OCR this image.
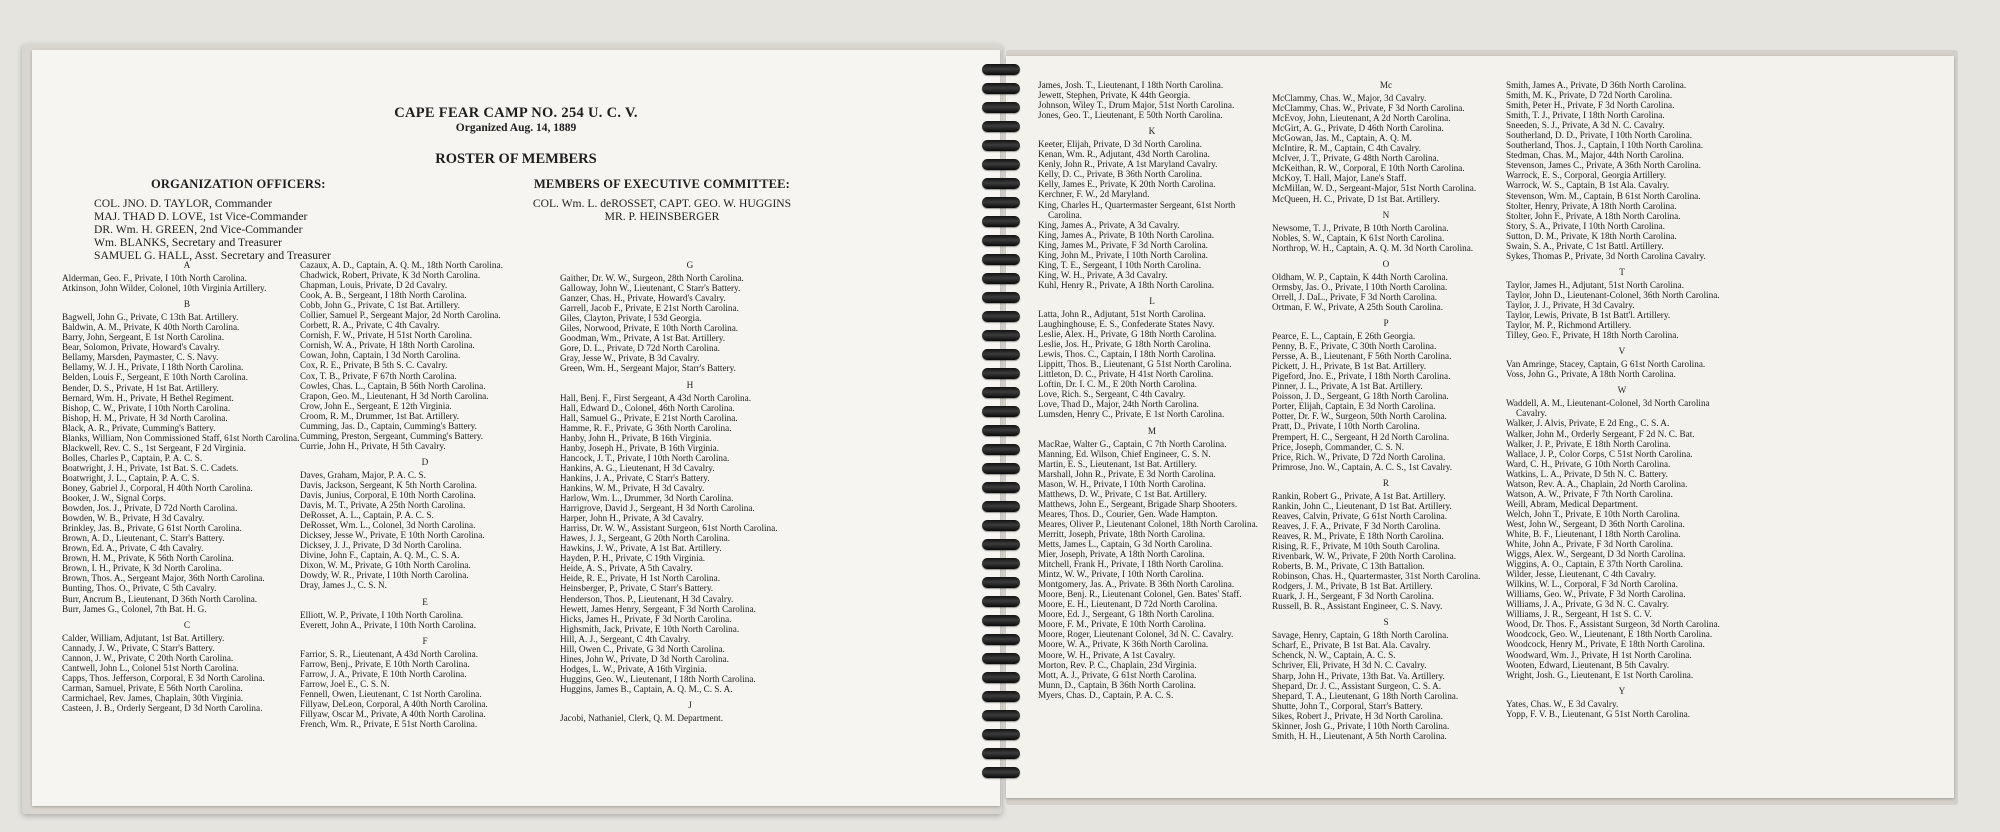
CAPE FEAR CAMP NO. 254 U. C. V.
Organized Aug. 14, 1889
ROSTER OF MEMBERS
ORGANIZATION OFFICERS:
COL. JNO. D. TAYLOR, Commander
MAJ. THAD D. LOVE, 1st Vice-Commander
DR. Wm. H. GREEN, 2nd Vice-Commander
Wm. BLANKS, Secretary and Treasurer
SAMUEL G. HALL, Asst. Secretary and Treasurer
MEMBERS OF EXECUTIVE COMMITTEE:
COL. Wm. L. deROSSET, CAPT. GEO. W. HUGGINS
MR. P. HEINSBERGER
A
Alderman, Geo. F., Private, I 10th North Carolina.
Atkinson, John Wilder, Colonel, 10th Virginia Artillery.
B
Bagwell, John G., Private, C 13th Bat. Artillery.
Baldwin, A. M., Private, K 40th North Carolina.
Barry, John, Sergeant, E 1st North Carolina.
Bear, Solomon, Private, Howard's Cavalry.
Bellamy, Marsden, Paymaster, C. S. Navy.
Bellamy, W. J. H., Private, I 18th North Carolina.
Belden, Louis F., Sergeant, E 10th North Carolina.
Bender, D. S., Private, H 1st Bat. Artillery.
Bernard, Wm. H., Private, H Bethel Regiment.
Bishop, C. W., Private, I 10th North Carolina.
Bishop, H. M., Private, H 3d North Carolina.
Black, A. R., Private, Cumming's Battery.
Blanks, William, Non Commissioned Staff, 61st North Carolina.
Blackwell, Rev. C. S., 1st Sergeant, F 2d Virginia.
Bolles, Charles P., Captain, P. A. C. S.
Boatwright, J. H., Private, 1st Bat. S. C. Cadets.
Boatwright, J. L., Captain, P. A. C. S.
Boney, Gabriel J., Corporal, H 40th North Carolina.
Booker, J. W., Signal Corps.
Bowden, Jos. J., Private, D 72d North Carolina.
Bowden, W. B., Private, H 3d Cavalry.
Brinkley, Jas. B., Private, G 61st North Carolina.
Brown, A. D., Lieutenant, C. Starr's Battery.
Brown, Ed. A., Private, C 4th Cavalry.
Brown, H. M., Private, K 56th North Carolina.
Brown, I. H., Private, K 3d North Carolina.
Brown, Thos. A., Sergeant Major, 36th North Carolina.
Bunting, Thos. O., Private, C 5th Cavalry.
Burr, Ancrum B., Lieutenant, D 36th North Carolina.
Burr, James G., Colonel, 7th Bat. H. G.
C
Calder, William, Adjutant, 1st Bat. Artillery.
Cannady, J. W., Private, C Starr's Battery.
Cannon, J. W., Private, C 20th North Carolina.
Cantwell, John L., Colonel 51st North Carolina.
Capps, Thos. Jefferson, Corporal, E 3d North Carolina.
Carman, Samuel, Private, E 56th North Carolina.
Carmichael, Rev. James, Chaplain, 30th Virginia.
Casteen, J. B., Orderly Sergeant, D 3d North Carolina.
Cazaux, A. D., Captain, A. Q. M., 18th North Carolina.
Chadwick, Robert, Private, K 3d North Carolina.
Chapman, Louis, Private, D 2d Cavalry.
Cook, A. B., Sergeant, I 18th North Carolina.
Cobb, John G., Private, C 1st Bat. Artillery.
Collier, Samuel P., Sergeant Major, 2d North Carolina.
Corbett, R. A., Private, C 4th Cavalry.
Cornish, F. W., Private, H 51st North Carolina.
Cornish, W. A., Private, H 18th North Carolina.
Cowan, John, Captain, I 3d North Carolina.
Cox, R. E., Private, B 5th S. C. Cavalry.
Cox, T. B., Private, F 67th North Carolina.
Cowles, Chas. L., Captain, B 56th North Carolina.
Crapon, Geo. M., Lieutenant, H 3d North Carolina.
Crow, John E., Sergeant, E 12th Virginia.
Croom, R. M., Drummer, 1st Bat. Artillery.
Cumming, Jas. D., Captain, Cumming's Battery.
Cumming, Preston, Sergeant, Cumming's Battery.
Currie, John H., Private, H 5th Cavalry.
D
Daves, Graham, Major, P. A. C. S.
Davis, Jackson, Sergeant, K 5th North Carolina.
Davis, Junius, Corporal, E 10th North Carolina.
Davis, M. T., Private, A 25th North Carolina.
DeRosset, A. L., Captain, P. A. C. S.
DeRosset, Wm. L., Colonel, 3d North Carolina.
Dicksey, Jesse W., Private, E 10th North Carolina.
Dicksey, J. J., Private, D 3d North Carolina.
Divine, John F., Captain, A. Q. M., C. S. A.
Dixon, W. M., Private, G 10th North Carolina.
Dowdy, W. R., Private, I 10th North Carolina.
Dray, James J., C. S. N.
E
Elliott, W. P., Private, I 10th North Carolina.
Everett, John A., Private, I 10th North Carolina.
F
Farrior, S. R., Lieutenant, A 43d North Carolina.
Farrow, Benj., Private, E 10th North Carolina.
Farrow, J. A., Private, E 10th North Carolina.
Farrow, Joel E., C. S. N.
Fennell, Owen, Lieutenant, C 1st North Carolina.
Fillyaw, DeLeon, Corporal, A 40th North Carolina.
Fillyaw, Oscar M., Private, A 40th North Carolina.
French, Wm. R., Private, E 51st North Carolina.
G
Gaither, Dr. W. W., Surgeon, 28th North Carolina.
Galloway, John W., Lieutenant, C Starr's Battery.
Ganzer, Chas. H., Private, Howard's Cavalry.
Garrell, Jacob F., Private, E 21st North Carolina.
Giles, Clayton, Private, I 53d Georgia.
Giles, Norwood, Private, E 10th North Carolina.
Goodman, Wm., Private, A 1st Bat. Artillery.
Gore, D. L., Private, D 72d North Carolina.
Gray, Jesse W., Private, B 3d Cavalry.
Green, Wm. H., Sergeant Major, Starr's Battery.
H
Hall, Benj. F., First Sergeant, A 43d North Carolina.
Hall, Edward D., Colonel, 46th North Carolina.
Hall, Samuel G., Private, E 21st North Carolina.
Hamme, R. F., Private, G 36th North Carolina.
Hanby, John H., Private, B 16th Virginia.
Hanby, Joseph H., Private, B 16th Virginia.
Hancock, J. T., Private, I 10th North Carolina.
Hankins, A. G., Lieutenant, H 3d Cavalry.
Hankins, J. A., Private, C Starr's Battery.
Hankins, W. M., Private, H 3d Cavalry.
Harlow, Wm. L., Drummer, 3d North Carolina.
Harrigrove, David J., Sergeant, H 3d North Carolina.
Harper, John H., Private, A 3d Cavalry.
Harriss, Dr. W. W., Assistant Surgeon, 61st North Carolina.
Hawes, J. J., Sergeant, G 20th North Carolina.
Hawkins, J. W., Private, A 1st Bat. Artillery.
Hayden, P. H., Private, C 19th Virginia.
Heide, A. S., Private, A 5th Cavalry.
Heide, R. E., Private, H 1st North Carolina.
Heinsberger, P., Private, C Starr's Battery.
Henderson, Thos. P., Lieutenant, H 3d Cavalry.
Hewett, James Henry, Sergeant, F 3d North Carolina.
Hicks, James H., Private, F 3d North Carolina.
Highsmith, Jack, Private, E 10th North Carolina.
Hill, A. J., Sergeant, C 4th Cavalry.
Hill, Owen C., Private, G 3d North Carolina.
Hines, John W., Private, D 3d North Carolina.
Hodges, L. W., Private, A 16th Virginia.
Huggins, Geo. W., Lieutenant, I 18th North Carolina.
Huggins, James B., Captain, A. Q. M., C. S. A.
J
Jacobi, Nathaniel, Clerk, Q. M. Department.
James, Josh. T., Lieutenant, I 18th North Carolina.
Jewett, Stephen, Private, K 44th Georgia.
Johnson, Wiley T., Drum Major, 51st North Carolina.
Jones, Geo. T., Lieutenant, E 50th North Carolina.
K
Keeter, Elijah, Private, D 3d North Carolina.
Kenan, Wm. R., Adjutant, 43d North Carolina.
Kenly, John R., Private, A 1st Maryland Cavalry.
Kelly, D. C., Private, B 36th North Carolina.
Kelly, James E., Private, K 20th North Carolina.
Kerchner, F. W., 2d Maryland.
King, Charles H., Quartermaster Sergeant, 61st North Carolina.
King, James A., Private, A 3d Cavalry.
King, James A., Private, B 10th North Carolina.
King, James M., Private, F 3d North Carolina.
King, John M., Private, I 10th North Carolina.
King, T. E., Sergeant, I 10th North Carolina.
King, W. H., Private, A 3d Cavalry.
Kuhl, Henry R., Private, A 18th North Carolina.
L
Latta, John R., Adjutant, 51st North Carolina.
Laughinghouse, E. S., Confederate States Navy.
Leslie, Alex. H., Private, G 18th North Carolina.
Leslie, Jos. H., Private, G 18th North Carolina.
Lewis, Thos. C., Captain, I 18th North Carolina.
Lippitt, Thos. B., Lieutenant, G 51st North Carolina.
Littleton, D. C., Private, H 41st North Carolina.
Loftin, Dr. I. C. M., E 20th North Carolina.
Love, Rich. S., Sergeant, C 4th Cavalry.
Love, Thad D., Major, 24th North Carolina.
Lumsden, Henry C., Private, E 1st North Carolina.
M
MacRae, Walter G., Captain, C 7th North Carolina.
Manning, Ed. Wilson, Chief Engineer, C. S. N.
Martin, E. S., Lieutenant, 1st Bat. Artillery.
Marshall, John R., Private, E 3d North Carolina.
Mason, W. H., Private, I 10th North Carolina.
Matthews, D. W., Private, C 1st Bat. Artillery.
Matthews, John E., Sergeant, Brigade Sharp Shooters.
Meares, Thos. D., Courier, Gen. Wade Hampton.
Meares, Oliver P., Lieutenant Colonel, 18th North Carolina.
Merritt, Joseph, Private, 18th North Carolina.
Metts, James L., Captain, G 3d North Carolina.
Mier, Joseph, Private, A 18th North Carolina.
Mitchell, Frank H., Private, I 18th North Carolina.
Mintz, W. W., Private, I 10th North Carolina.
Montgomery, Jas. A., Private. B 36th North Carolina.
Moore, Benj. R., Lieutenant Colonel, Gen. Bates' Staff.
Moore, E. H., Lieutenant, D 72d North Carolina.
Moore, Ed. J., Sergeant, G 18th North Carolina.
Moore, F. M., Private, E 10th North Carolina.
Moore, Roger, Lieutenant Colonel, 3d N. C. Cavalry.
Moore, W. A., Private, K 36th North Carolina.
Moore, W. H., Private, A 1st Cavalry.
Morton, Rev. P. C., Chaplain, 23d Virginia.
Mott, A. J., Private, G 61st North Carolina.
Munn, D., Captain, B 36th North Carolina.
Myers, Chas. D., Captain, P. A. C. S.
Mc
McClammy, Chas. W., Major, 3d Cavalry.
McClammy, Chas. W., Private, F 3d North Carolina.
McEvoy, John, Lieutenant, A 2d North Carolina.
McGirt, A. G., Private, D 46th North Carolina.
McGowan, Jas. M., Captain, A. Q. M.
McIntire, R. M., Captain, C 4th Cavalry.
McIver, J. T., Private, G 48th North Carolina.
McKeithan, R. W., Corporal, E 10th North Carolina.
McKoy, T. Hall, Major, Lane's Staff.
McMillan, W. D., Sergeant-Major, 51st North Carolina.
McQueen, H. C., Private, D 1st Bat. Artillery.
N
Newsome, T. J., Private, B 10th North Carolina.
Nobles, S. W., Captain, K 61st North Carolina.
Northrop, W. H., Captain, A. Q. M. 3d North Carolina.
O
Oldham, W. P., Captain, K 44th North Carolina.
Ormsby, Jas. O., Private, I 10th North Carolina.
Orrell, J. DaL., Private, F 3d North Carolina.
Ortman, F. W., Private, A 25th South Carolina.
P
Pearce, E. L., Captain, E 26th Georgia.
Penny, B. F., Private, C 30th North Carolina.
Persse, A. B., Lieutenant, F 56th North Carolina.
Pickett, J. H., Private, B 1st Bat. Artillery.
Pigeford, Jno. E., Private, I 18th North Carolina.
Pinner, J. L., Private, A 1st Bat. Artillery.
Poisson, J. D., Sergeant, G 18th North Carolina.
Porter, Elijah, Captain, E 3d North Carolina.
Potter, Dr. F. W., Surgeon, 50th North Carolina.
Pratt, D., Private, I 10th North Carolina.
Prempert, H. C., Sergeant, H 2d North Carolina.
Price, Joseph, Commander, C. S. N.
Price, Rich. W., Private, D 72d North Carolina.
Primrose, Jno. W., Captain, A. C. S., 1st Cavalry.
R
Rankin, Robert G., Private, A 1st Bat. Artillery.
Rankin, John C., Lieutenant, D 1st Bat. Artillery.
Reaves, Calvin, Private, G 61st North Carolina.
Reaves, J. F. A., Private, F 3d North Carolina.
Reaves, R. M., Private, E 18th North Carolina.
Rising, R. F., Private, M 10th South Carolina.
Rivenbark, W. W., Private, F 20th North Carolina.
Roberts, B. M., Private, C 13th Battalion.
Robinson, Chas. H., Quartermaster, 31st North Carolina.
Rodgers, J. M., Private, B 1st Bat. Artillery.
Ruark, J. H., Sergeant, F 3d North Carolina.
Russell, B. R., Assistant Engineer, C. S. Navy.
S
Savage, Henry, Captain, G 18th North Carolina.
Scharf, E., Private, B 1st Bat. Ala. Cavalry.
Schenck, N. W., Captain, A. C. S.
Schriver, Eli, Private, H 3d N. C. Cavalry.
Sharp, John H., Private, 13th Bat. Va. Artillery.
Shepard, Dr. J. C., Assistant Surgeon, C. S. A.
Shepard, T. A., Lieutenant, G 18th North Carolina.
Shutte, John T., Corporal, Starr's Battery.
Sikes, Robert J., Private, H 3d North Carolina.
Skinner, Josh G., Private, I 10th North Carolina.
Smith, H. H., Lieutenant, A 5th North Carolina.
Smith, James A., Private, D 36th North Carolina.
Smith, M. K., Private, D 72d North Carolina.
Smith, Peter H., Private, F 3d North Carolina.
Smith, T. J., Private, I 18th North Carolina.
Sneeden, S. J., Private, A 3d N. C. Cavalry.
Southerland, D. D., Private, I 10th North Carolina.
Southerland, Thos. J., Captain, I 10th North Carolina.
Stedman, Chas. M., Major, 44th North Carolina.
Stevenson, James C., Private, A 36th North Carolina.
Warrock, E. S., Corporal, Georgia Artillery.
Warrock, W. S., Captain, B 1st Ala. Cavalry.
Stevenson, Wm. M., Captain, B 61st North Carolina.
Stolter, Henry, Private, A 18th North Carolina.
Stolter, John F., Private, A 18th North Carolina.
Story, S. A., Private, I 10th North Carolina.
Sutton, D. M., Private, K 18th North Carolina.
Swain, S. A., Private, C 1st Battl. Artillery.
Sykes, Thomas P., Private, 3d North Carolina Cavalry.
T
Taylor, James H., Adjutant, 51st North Carolina.
Taylor, John D., Lieutenant-Colonel, 36th North Carolina.
Taylor, J. J., Private, H 3d Cavalry.
Taylor, Lewis, Private, B 1st Batt'l. Artillery.
Taylor, M. P., Richmond Artillery.
Tilley, Geo. F., Private, H 18th North Carolina.
V
Van Amringe, Stacey, Captain, G 61st North Carolina.
Voss, John G., Private, A 18th North Carolina.
W
Waddell, A. M., Lieutenant-Colonel, 3d North Carolina Cavalry.
Walker, J. Alvis, Private, E 2d Eng., C. S. A.
Walker, John M., Orderly Sergeant, F 2d N. C. Bat.
Walker, J. P., Private, E 18th North Carolina.
Wallace, J. P., Color Corps, C 51st North Carolina.
Ward, C. H., Private, G 10th North Carolina.
Watkins, L. A., Private, D 5th N. C. Battery.
Watson, Rev. A. A., Chaplain, 2d North Carolina.
Watson, A. W., Private, F 7th North Carolina.
Weill, Abram, Medical Department.
Welch, John T., Private, E 10th North Carolina.
West, John W., Sergeant, D 36th North Carolina.
White, B. F., Lieutenant, I 18th North Carolina.
White, John A., Private, F 3d North Carolina.
Wiggs, Alex. W., Sergeant, D 3d North Carolina.
Wiggins, A. O., Captain, E 37th North Carolina.
Wilder, Jesse, Lieutenant, C 4th Cavalry.
Wilkins, W. L., Corporal, F 3d North Carolina.
Williams, Geo. W., Private, F 3d North Carolina.
Williams, J. A., Private, G 3d N. C. Cavalry.
Williams, J. R., Sergeant, H 1st S. C. V.
Wood, Dr. Thos. F., Assistant Surgeon, 3d North Carolina.
Woodcock, Geo. W., Lieutenant, E 18th North Carolina.
Woodcock, Henry M., Private, E 18th North Carolina.
Woodward, Wm. J., Private, H 1st North Carolina.
Wooten, Edward, Lieutenant, B 5th Cavalry.
Wright, Josh. G., Lieutenant, E 1st North Carolina.
Y
Yates, Chas. W., E 3d Cavalry.
Yopp, F. V. B., Lieutenant, G 51st North Carolina.
